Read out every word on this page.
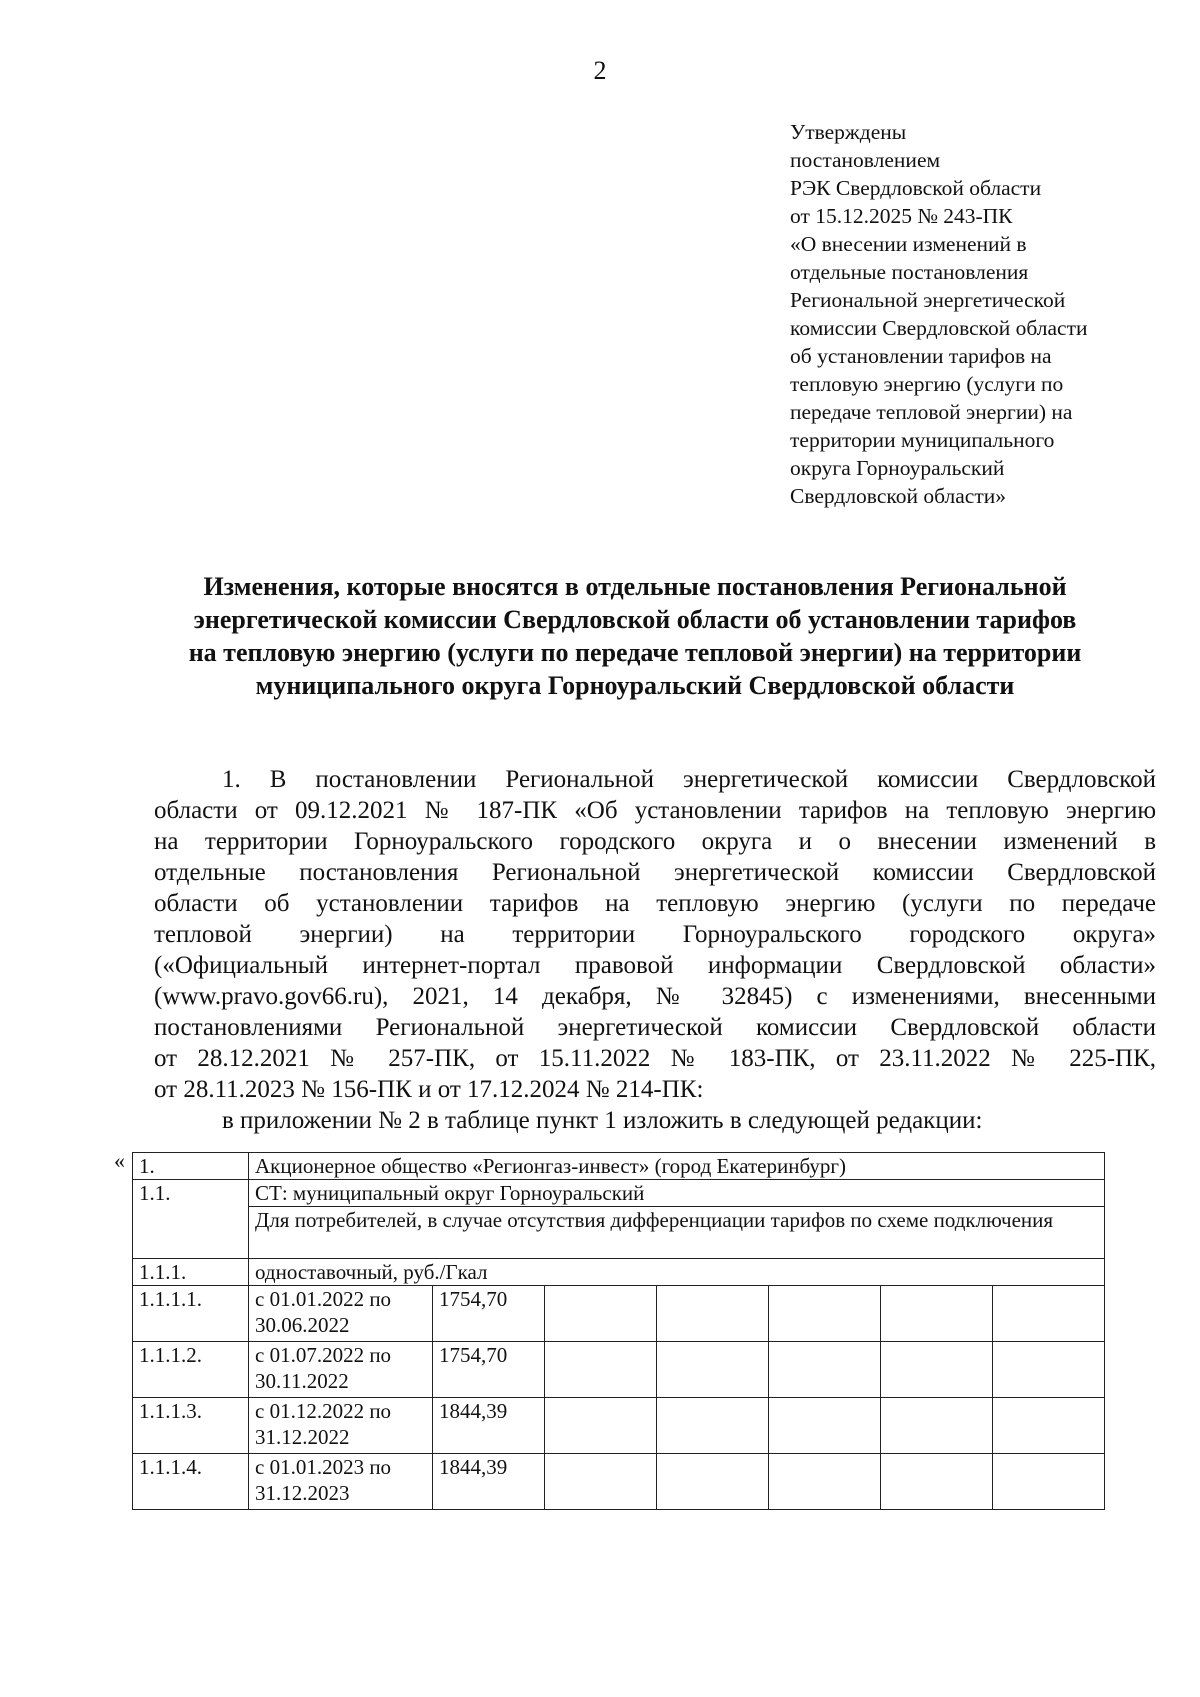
2
Утверждены
постановлением
РЭК Свердловской области
от 15.12.2025 № 243-ПК
«О внесении изменений в
отдельные постановления
Региональной энергетической
комиссии Свердловской области
об установлении тарифов на
тепловую энергию (услуги по
передаче тепловой энергии) на
территории муниципального
округа Горноуральский
Свердловской области»
Изменения, которые вносятся в отдельные постановления Региональной
энергетической комиссии Свердловской области об установлении тарифов
на тепловую энергию (услуги по передаче тепловой энергии) на территории
муниципального округа Горноуральский Свердловской области
1. В постановлении Региональной энергетической комиссии Свердловской
области от 09.12.2021 № 187-ПК «Об установлении тарифов на тепловую энергию
на территории Горноуральского городского округа и о внесении изменений в
отдельные постановления Региональной энергетической комиссии Свердловской
области об установлении тарифов на тепловую энергию (услуги по передаче
тепловой энергии) на территории Горноуральского городского округа»
(«Официальный интернет-портал правовой информации Свердловской области»
(www.pravo.gov66.ru), 2021, 14 декабря, № 32845) с изменениями, внесенными
постановлениями Региональной энергетической комиссии Свердловской области
от 28.12.2021 № 257-ПК, от 15.11.2022 № 183-ПК, от 23.11.2022 № 225-ПК,
от 28.11.2023 № 156-ПК и от 17.12.2024 № 214-ПК:
в приложении № 2 в таблице пункт 1 изложить в следующей редакции:
« 1.	Акционерное общество «Регионгаз-инвест» (город Екатеринбург)						
1.1.	СТ: муниципальный округ Горноуральский						
	Для потребителей, в случае отсутствия дифференциации тарифов по схеме подключения						
1.1.1.	одноставочный, руб./Гкал						
1.1.1.1.	с 01.01.2022 по 30.06.2022	1754,70					
1.1.1.2.	с 01.07.2022 по 30.11.2022	1754,70					
1.1.1.3.	с 01.12.2022 по 31.12.2022	1844,39					
1.1.1.4.	с 01.01.2023 по 31.12.2023	1844,39					
